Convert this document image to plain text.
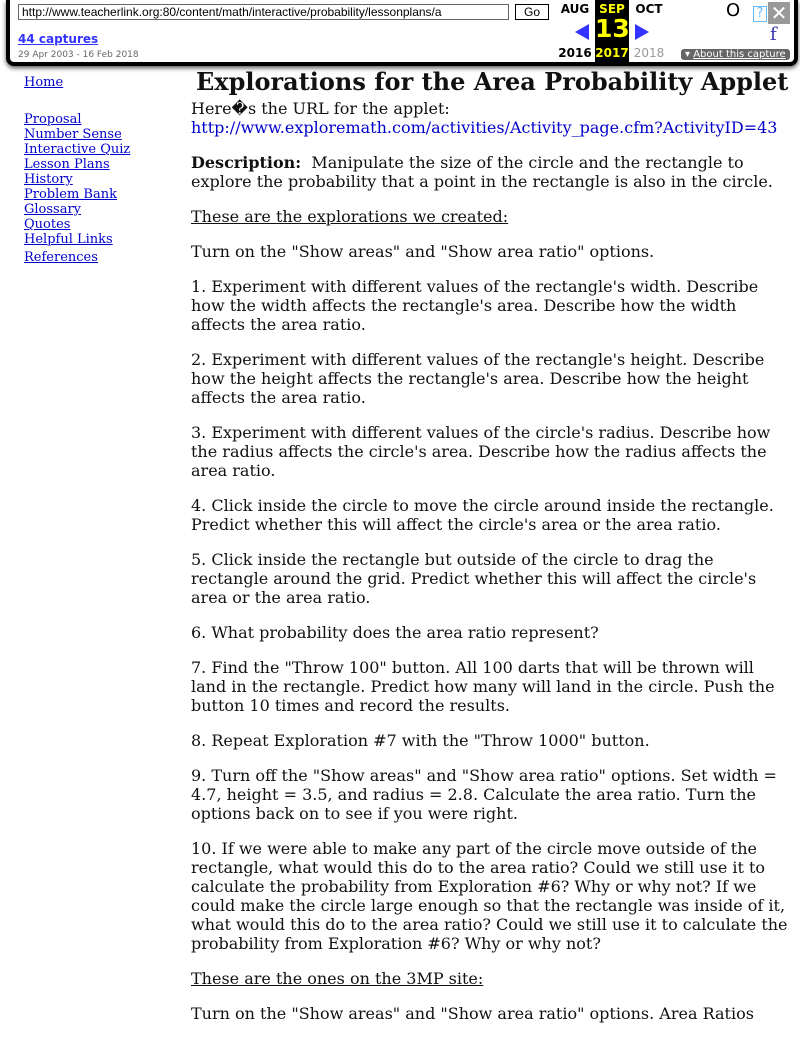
http://www.teacherlink.org:80/content/math/interactive/probability/lessonplans/a	Go
44 captures
29 Apr 2003 - 16 Feb 2018
AUG SEP OCT
13
2016 2017 2018
O ? ✕
f
▾ About this capture
Home
Proposal
Number Sense
Interactive Quiz
Lesson Plans
History
Problem Bank
Glossary
Quotes
Helpful Links
References
Explorations for the Area Probability Applet

Here�s the URL for the applet:
http://www.exploremath.com/activities/Activity_page.cfm?ActivityID=43

Description: Manipulate the size of the circle and the rectangle to explore the probability that a point in the rectangle is also in the circle.

These are the explorations we created:

Turn on the "Show areas" and "Show area ratio" options.

1. Experiment with different values of the rectangle's width. Describe how the width affects the rectangle's area. Describe how the width affects the area ratio.

2. Experiment with different values of the rectangle's height. Describe how the height affects the rectangle's area. Describe how the height affects the area ratio.

3. Experiment with different values of the circle's radius. Describe how the radius affects the circle's area. Describe how the radius affects the area ratio.

4. Click inside the circle to move the circle around inside the rectangle. Predict whether this will affect the circle's area or the area ratio.

5. Click inside the rectangle but outside of the circle to drag the rectangle around the grid. Predict whether this will affect the circle's area or the area ratio.

6. What probability does the area ratio represent?

7. Find the "Throw 100" button. All 100 darts that will be thrown will land in the rectangle. Predict how many will land in the circle. Push the button 10 times and record the results.

8. Repeat Exploration #7 with the "Throw 1000" button.

9. Turn off the "Show areas" and "Show area ratio" options. Set width = 4.7, height = 3.5, and radius = 2.8. Calculate the area ratio. Turn the options back on to see if you were right.

10. If we were able to make any part of the circle move outside of the rectangle, what would this do to the area ratio? Could we still use it to calculate the probability from Exploration #6? Why or why not? If we could make the circle large enough so that the rectangle was inside of it, what would this do to the area ratio? Could we still use it to calculate the probability from Exploration #6? Why or why not?

These are the ones on the 3MP site:

Turn on the "Show areas" and "Show area ratio" options. Area Ratios
